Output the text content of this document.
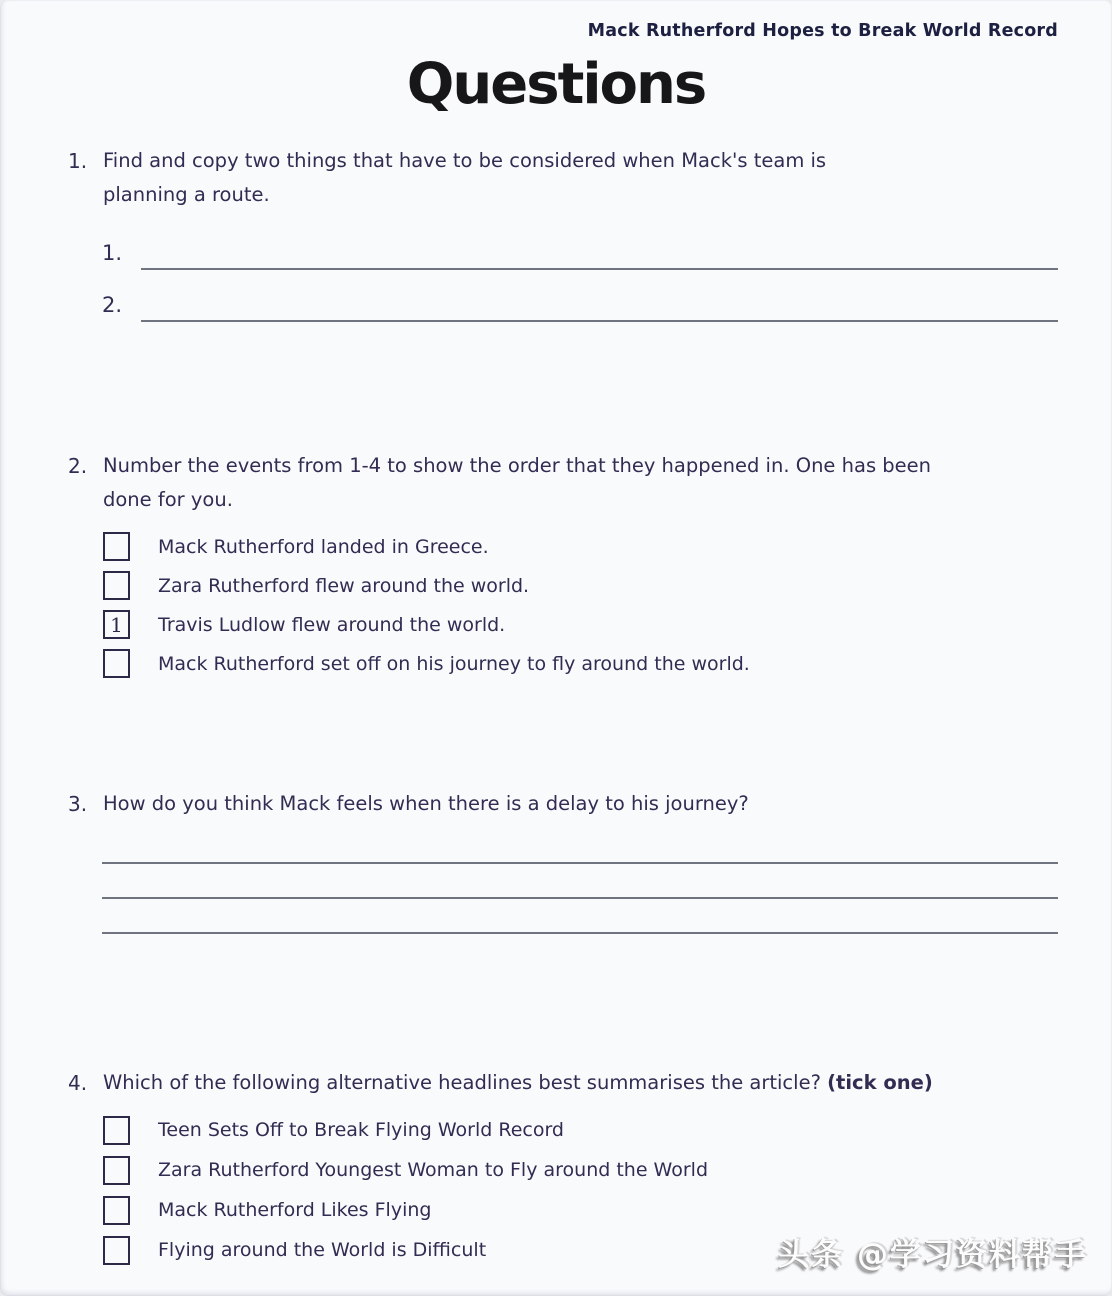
Mack Rutherford Hopes to Break World Record
Questions
1. Find and copy two things that have to be considered when Mack's team is
planning a route.
1.
2.
2. Number the events from 1-4 to show the order that they happened in. One has been
done for you.
Mack Rutherford landed in Greece.
Zara Rutherford flew around the world.
1	Travis Ludlow flew around the world.
Mack Rutherford set off on his journey to fly around the world.
3. How do you think Mack feels when there is a delay to his journey?
4. Which of the following alternative headlines best summarises the article? (tick one)
Teen Sets Off to Break Flying World Record
Zara Rutherford Youngest Woman to Fly around the World
Mack Rutherford Likes Flying
Flying around the World is Difficult	头条 @学习资料帮手
